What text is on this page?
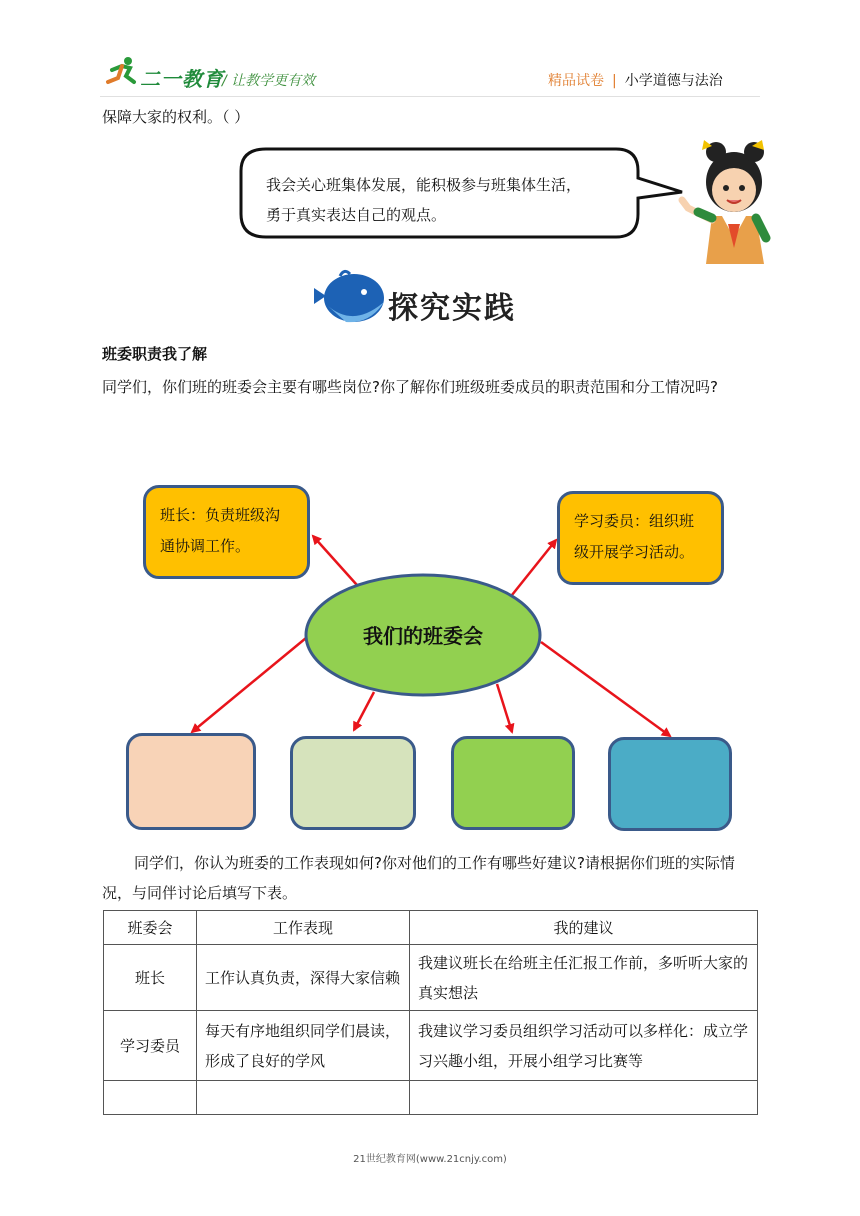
二一教育
/ 让教学更有效	精品试卷 | 小学道德与法治
保障大家的权利。（ ）
我会关心班集体发展，能积极参与班集体生活，
勇于真实表达自己的观点。
探究实践
班委职责我了解
同学们，你们班的班委会主要有哪些岗位?你了解你们班级班委成员的职责范围和分工情况吗?
班长：负责班级沟
通协调工作。
学习委员：组织班
级开展学习活动。
我们的班委会
同学们，你认为班委的工作表现如何?你对他们的工作有哪些好建议?请根据你们班的实际情况，与同伴讨论后填写下表。
班委会	工作表现	我的建议
班长	工作认真负责，深得大家信赖	我建议班长在给班主任汇报工作前，多听听大家的真实想法
学习委员	每天有序地组织同学们晨读，形成了良好的学风	我建议学习委员组织学习活动可以多样化：成立学习兴趣小组，开展小组学习比赛等

21世纪教育网(www.21cnjy.com)
